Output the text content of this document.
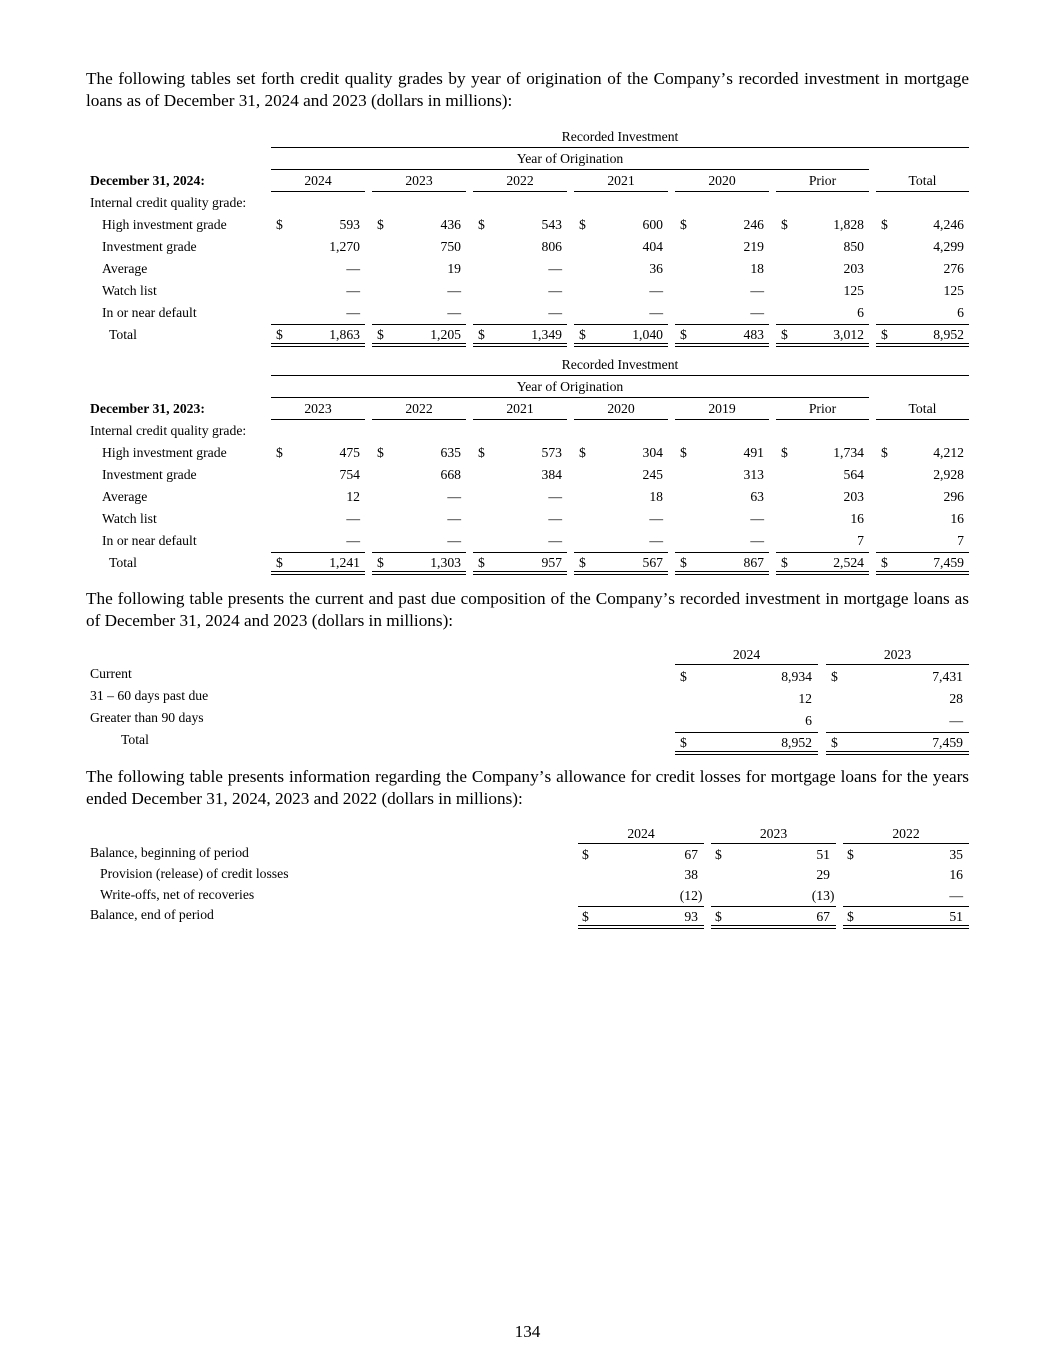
The following tables set forth credit quality grades by year of origination of the Company’s recorded investment in mortgage loans as of December 31, 2024 and 2023 (dollars in millions):

Recorded Investment
Year of Origination
December 31, 2024:	2024	2023	2022	2021	2020	Prior	Total
Internal credit quality grade:
High investment grade	$	593	$	436	$	543	$	600	$	246	$	1,828	$	4,246
Investment grade	1,270	750	806	404	219	850	4,299
Average	—	19	—	36	18	203	276
Watch list	—	—	—	—	—	125	125
In or near default	—	—	—	—	—	6	6
Total	$	1,863	$	1,205	$	1,349	$	1,040	$	483	$	3,012	$	8,952
Recorded Investment
Year of Origination
December 31, 2023:	2023	2022	2021	2020	2019	Prior	Total
Internal credit quality grade:
High investment grade	$	475	$	635	$	573	$	304	$	491	$	1,734	$	4,212
Investment grade	754	668	384	245	313	564	2,928
Average	12	—	—	18	63	203	296
Watch list	—	—	—	—	—	16	16
In or near default	—	—	—	—	—	7	7
Total	$	1,241	$	1,303	$	957	$	567	$	867	$	2,524	$	7,459

The following table presents the current and past due composition of the Company’s recorded investment in mortgage loans as of December 31, 2024 and 2023 (dollars in millions):

2024	2023
Current	$	8,934	$	7,431
31 – 60 days past due	12	28
Greater than 90 days	6	—
Total	$	8,952	$	7,459

The following table presents information regarding the Company’s allowance for credit losses for mortgage loans for the years ended December 31, 2024, 2023 and 2022 (dollars in millions):

2024	2023	2022
Balance, beginning of period	$	67	$	51	$	35
Provision (release) of credit losses	38	29	16
Write-offs, net of recoveries	(12)	(13)	—
Balance, end of period	$	93	$	67	$	51
134
